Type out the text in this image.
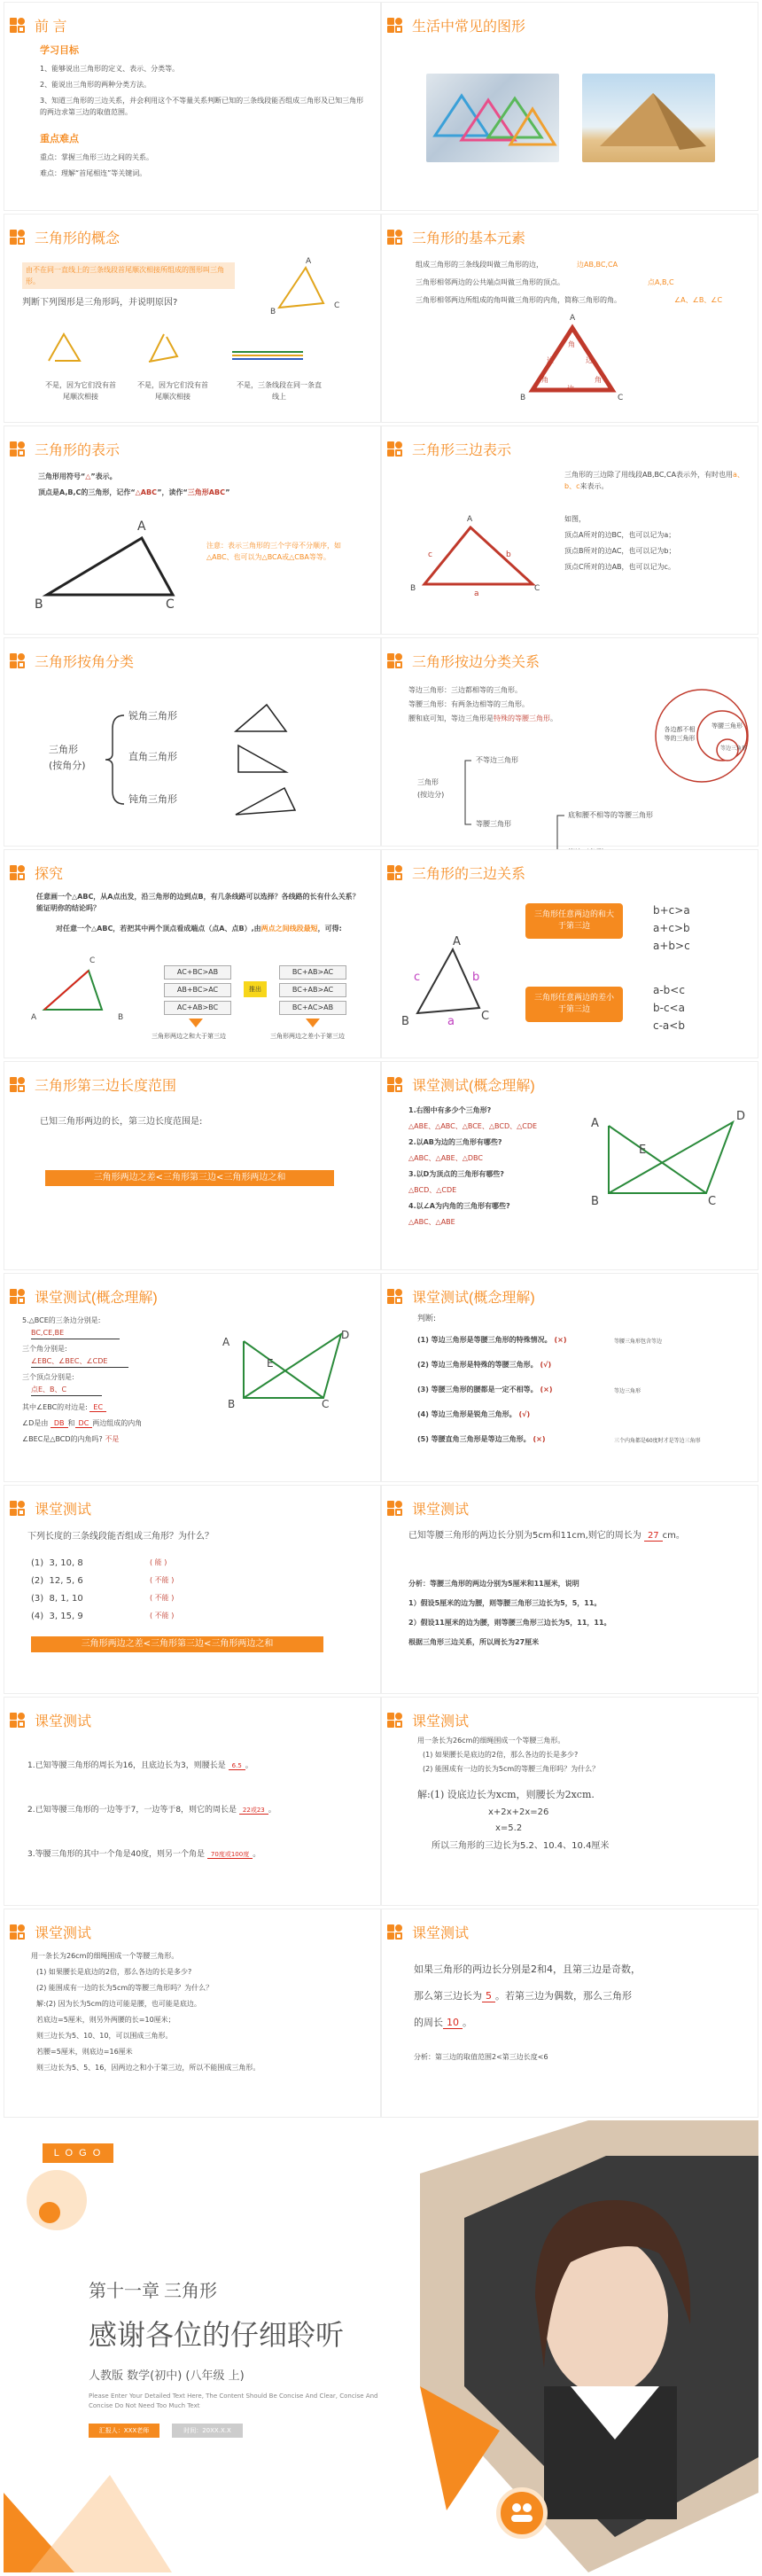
前 言
学习目标
1、能够说出三角形的定义、表示、分类等。
2、能说出三角形的两种分类方法。
3、知道三角形的三边关系，并会利用这个不等量关系判断已知的三条线段能否组成三角形及已知三角形的两边求第三边的取值范围。
重点难点
重点：掌握三角形三边之间的关系。
难点：理解“首尾相连”等关键词。
生活中常见的图形
三角形的概念
由不在同一直线上的三条线段首尾顺次相接所组成的图形叫三角形。
判断下列图形是三角形吗，并说明原因?
A
B
C
不是，因为它们没有首尾顺次相接
不是，因为它们没有首尾顺次相接
不是，三条线段在同一条直线上
三角形的基本元素
组成三角形的三条线段叫做三角形的边，	边AB,BC,CA
三角形相邻两边的公共端点叫做三角形的顶点。	点A,B,C
三角形相邻两边所组成的角叫做三角形的内角，简称三角形的角。	∠A、∠B、∠C
A
B	C
边	边
边
角
角	角
三角形的表示
三角形用符号“△”表示。
顶点是A,B,C的三角形，记作“△ABC”，读作“三角形ABC”
A
B	C
注意：表示三角形的三个字母不分顺序，如△ABC、也可以为△BCA或△CBA等等。
三角形三边表示
A
B	C
c	b
a
三角形的三边除了用线段AB,BC,CA表示外，有时也用a、b、c来表示。
如图，
顶点A所对的边BC，也可以记为a；
顶点B所对的边AC，也可以记为b；
顶点C所对的边AB，也可以记为c。
三角形按角分类
三角形
(按角分)
锐角三角形
直角三角形
钝角三角形
三角形按边分类关系
等边三角形：三边都相等的三角形。
等腰三角形：有两条边相等的三角形。
腰和底可知，等边三角形是特殊的等腰三角形。
三角形
(按边分)
不等边三角形
等腰三角形
底和腰不相等的等腰三角形
各边都不相等的三角形
等腰三角形
等边三角形
探究
任意画一个△ABC，从A点出发，沿三角形的边到点B，有几条线路可以选择？各线路的长有什么关系？能证明你的结论吗？
对任意一个△ABC，若把其中两个顶点看成端点（点A、点B）,由两点之间线段最短，可得:
C
A	B
AC+BC>AB
AB+BC>AC
AC+AB>BC
推出
BC+AB>AC
BC+AB>AC
BC+AC>AB
三角形两边之和大于第三边	三角形两边之差小于第三边
三角形的三边关系
A
B	C
c	b
a
三角形任意两边的和大于第三边
三角形任意两边的差小于第三边
b+c>a
a+c>b
a+b>c
a-b<c
b-c<a
c-a<b
三角形第三边长度范围
已知三角形两边的长，第三边长度范围是:
三角形两边之差<三角形第三边<三角形两边之和
课堂测试(概念理解)
1.右图中有多少个三角形?
△ABE、△ABC、△BCE、△BCD、△CDE
2.以AB为边的三角形有哪些?
△ABC、△ABE、△DBC
3.以D为顶点的三角形有哪些?
△BCD、△CDE
4.以∠A为内角的三角形有哪些?
△ABC、△ABE
A
B	C
D
E
课堂测试(概念理解)
5.△BCE的三条边分别是:
BC,CE,BE
三个角分别是:
∠EBC、∠BEC、∠CDE
三个顶点分别是:
点E、B、C
其中∠EBC的对边是: EC
∠D是由 DB 和 DC 两边组成的内角
∠BEC是△BCD的内角吗? 不是
A
B	C
D
E
课堂测试(概念理解)
判断:
(1) 等边三角形是等腰三角形的特殊情况。 (×)	等腰三角形包含等边
(2) 等边三角形是特殊的等腰三角形。 (√)
(3) 等腰三角形的腰都是一定不相等。 (×)	等边三角形
(4) 等边三角形是锐角三角形。 (√)
(5) 等腰直角三角形是等边三角形。 (×)	三个内角都是60度时才是等边三角形
课堂测试
下列长度的三条线段能否组成三角形？为什么？
(1) 3, 10, 8	( 能 )
(2) 12, 5, 6	( 不能 )
(3) 8, 1, 10	( 不能 )
(4) 3, 15, 9	( 不能 )
三角形两边之差<三角形第三边<三角形两边之和
课堂测试
已知等腰三角形的两边长分别为5cm和11cm,则它的周长为 27 cm。
分析：等腰三角形的两边分别为5厘米和11厘米，说明
1）假设5厘米的边为腰，则等腰三角形三边长为5，5，11。
2）假设11厘米的边为腰，则等腰三角形三边长为5，11，11。
根据三角形三边关系，所以周长为27厘米
课堂测试
1.已知等腰三角形的周长为16，且底边长为3，则腰长是 6.5 。
2.已知等腰三角形的一边等于7，一边等于8，则它的周长是 22或23 。
3.等腰三角形的其中一个角是40度，则另一个角是 70度或100度 。
课堂测试
用一条长为26cm的细绳围成一个等腰三角形。
(1) 如果腰长是底边的2倍，那么各边的长是多少?
(2) 能围成有一边的长为5cm的等腰三角形吗？为什么？
解:(1) 设底边长为xcm，则腰长为2xcm.
x+2x+2x=26
x=5.2
所以三角形的三边长为5.2、10.4、10.4厘米
课堂测试
用一条长为26cm的细绳围成一个等腰三角形。
(1) 如果腰长是底边的2倍，那么各边的长是多少?
(2) 能围成有一边的长为5cm的等腰三角形吗？为什么？
解:(2) 因为长为5cm的边可能是腰，也可能是底边。
若底边=5厘米，则另外两腰的长=10厘米；
则三边长为5、10、10，可以围成三角形。
若腰=5厘米，则底边=16厘米
则三边长为5、5、16，因两边之和小于第三边，所以不能围成三角形。
课堂测试
如果三角形的两边长分别是2和4，且第三边是奇数，
那么第三边长为 5 。若第三边为偶数，那么三角形
的周长 10 。
分析：第三边的取值范围2<第三边长度<6
L O G O
第十一章 三角形
感谢各位的仔细聆听
人教版 数学(初中) (八年级 上)
Please Enter Your Detailed Text Here, The Content Should Be Concise And Clear, Concise And Concise Do Not Need Too Much Text
汇报人：XXX老师	时间：20XX.X.X
